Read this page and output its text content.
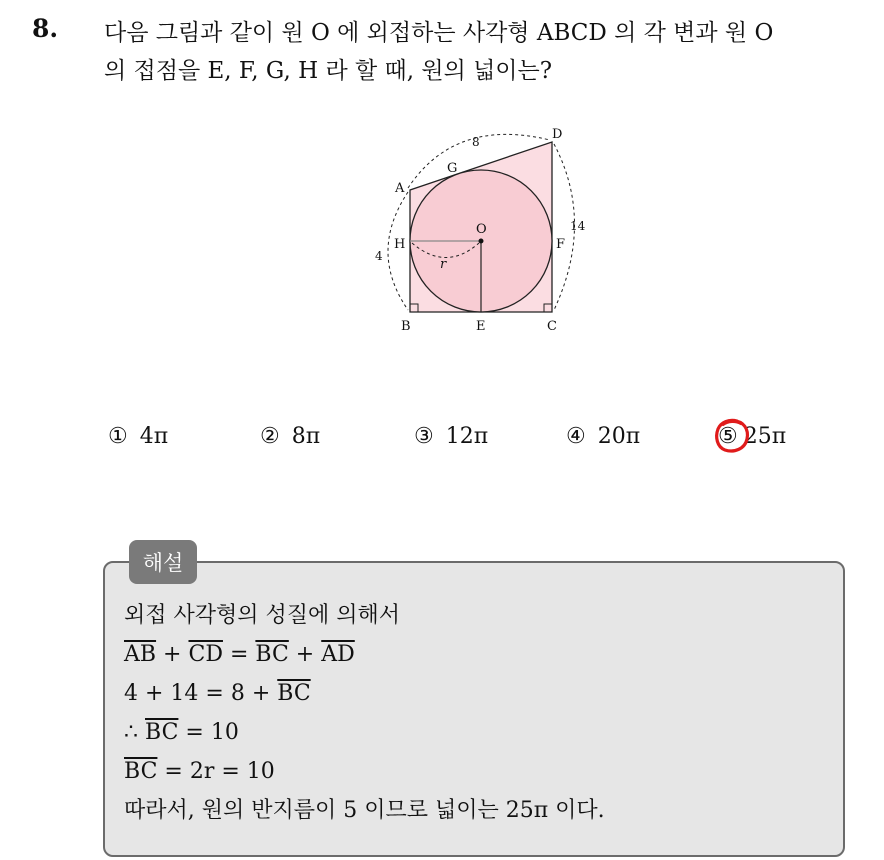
8. 다음 그림과 같이 원 O 에 외접하는 사각형 ABCD 의 각 변과 원 O
의 접점을 E, F, G, H 라 할 때, 원의 넓이는?
A
B	C
D
E
F
G
H
O
r
8
4
14
① 4π	② 8π	③ 12π	④ 20π	⑤ 25π
해설
외접 사각형의 성질에 의해서
$\overline{AB} + \overline{CD} = \overline{BC} + \overline{AD}$
$4 + 14 = 8 + \overline{BC}$
∴ $\overline{BC} = 10$
$\overline{BC} = 2r = 10$
따라서, 원의 반지름이 5 이므로 넓이는 25π 이다.
